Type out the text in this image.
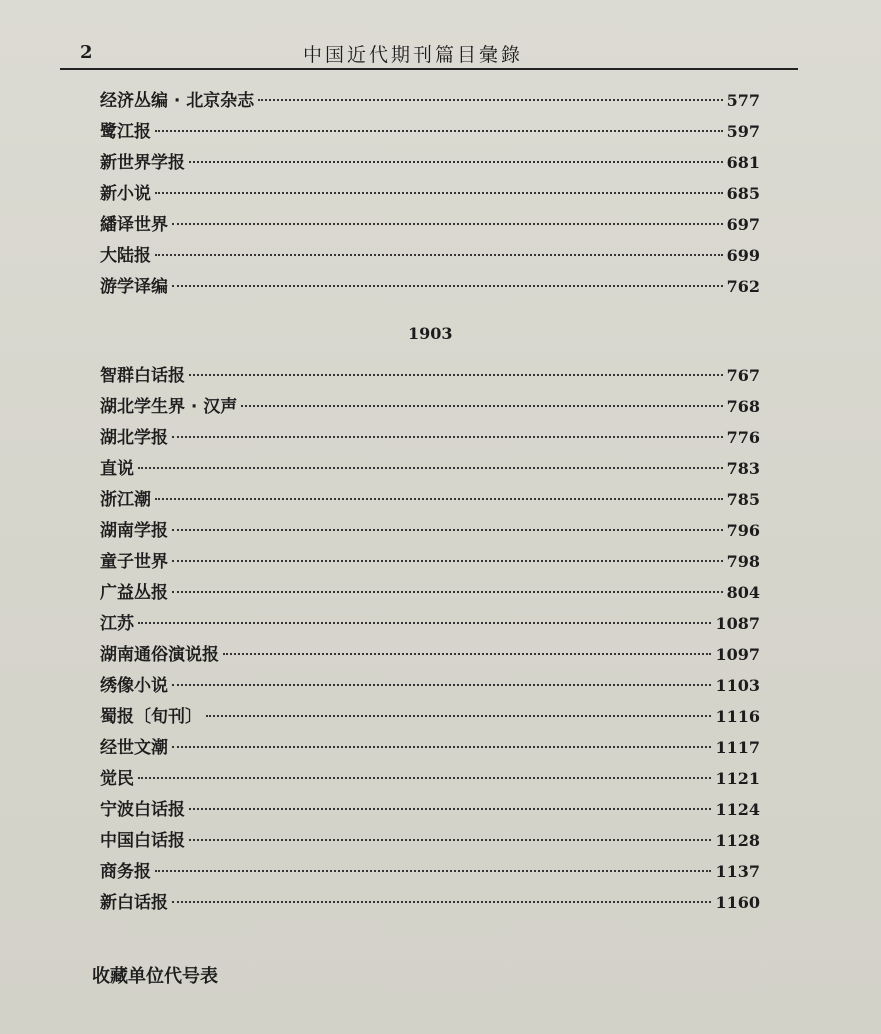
2	中国近代期刊篇目彙錄
经济丛编 · 北京杂志	577
鹭江报	597
新世界学报	681
新小说	685
繙译世界	697
大陆报	699
游学译编	762
1903
智群白话报	767
湖北学生界 · 汉声	768
湖北学报	776
直说	783
浙江潮	785
湖南学报	796
童子世界	798
广益丛报	804
江苏	1087
湖南通俗演说报	1097
绣像小说	1103
蜀报〔旬刊〕	1116
经世文潮	1117
觉民	1121
宁波白话报	1124
中国白话报	1128
商务报	1137
新白话报	1160
收藏单位代号表
